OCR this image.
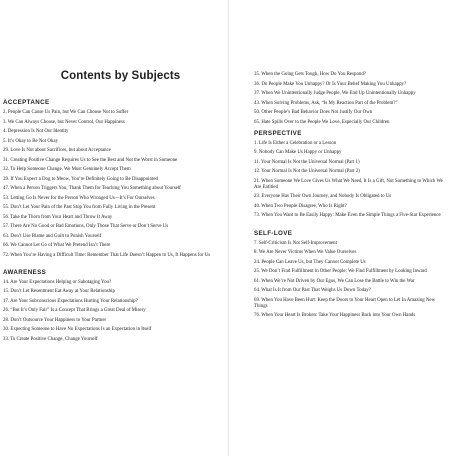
Contents by Subjects
ACCEPTANCE
2. People Can Cause Us Pain, but We Can Choose Not to Suffer
3. We Can Always Choose, but Never Control, Our Happiness
4. Depression Is Not Our Identity
5. It’s Okay to Be Not Okay
29. Love Is Not about Sacrifices, but about Acceptance
31. Creating Positive Change Requires Us to See the Best and Not the Worst in Someone
32. To Help Someone Change, We Must Genuinely Accept Them
39. If You Expect a Dog to Meow, You’re Definitely Going to Be Disappointed
47. When a Person Triggers You, Thank Them for Teaching You Something about Yourself
53. Letting Go Is Never for the Person Who Wronged Us—It’s For Ourselves
55. Don’t Let Your Pain of the Past Stop You from Fully Living in the Present
56. Take the Thorn from Your Heart and Throw It Away
57. There Are No Good or Bad Emotions, Only Those That Serve or Don’t Serve Us
63. Don’t Use Blame and Guilt to Punish Yourself
66. We Cannot Let Go of What We Pretend Isn’t There
72. When You’re Having a Difficult Time: Remember That Life Doesn’t Happen to Us, It Happens for Us
AWARENESS
14. Are Your Expectations Helping or Sabotaging You?
15. Don’t Let Resentment Eat Away at Your Relationship
17. Are Your Subconscious Expectations Hurting Your Relationship?
26. “But It’s Only Fair” Is a Concept That Brings a Great Deal of Misery
28. Don’t Outsource Your Happiness to Your Partner
30. Expecting Someone to Have No Expectations Is an Expectation in Itself
33. To Create Positive Change, Change Yourself
35. When the Going Gets Tough, How Do You Respond?
36. Do People Make You Unhappy? Or Is Your Belief Making You Unhappy?
37. When We Unintentionally Judge People, We End Up Unintentionally Unhappy
43. When Solving Problems, Ask, “Is My Reaction Part of the Problem?”
50. Other People’s Bad Behavior Does Not Justify Our Own
65. Hate Spills Over to the People We Love, Especially Our Children
PERSPECTIVE
1. Life Is Either a Celebration or a Lesson
9. Nobody Can Make Us Happy or Unhappy
11. Your Normal Is Not the Universal Normal (Part 1)
12. Your Normal Is Not the Universal Normal (Part 2)
21. When Someone We Love Gives Us What We Need, It Is a Gift, Not Something to Which We Are Entitled
23. Everyone Has Their Own Journey, and Nobody Is Obligated to Us
40. When Two People Disagree, Who Is Right?
73. When You Want to Be Easily Happy: Make Even the Simple Things a Five-Star Experience
SELF-LOVE
7. Self-Criticism Is Not Self-Improvement
8. We Are Never Victims When We Value Ourselves
24. People Can Leave Us, but They Cannot Complete Us
25. We Don’t Find Fulfillment in Other People; We Find Fulfillment by Looking Inward
61. When We’re Not Driven by Our Egos, We Can Lose the Battle to Win the War
64. What Is It from Our Past That Weighs Us Down Today?
69. When You Have Been Hurt: Keep the Doors to Your Heart Open to Let In Amazing New Things
76. When Your Heart Is Broken: Take Your Happiness Back into Your Own Hands
